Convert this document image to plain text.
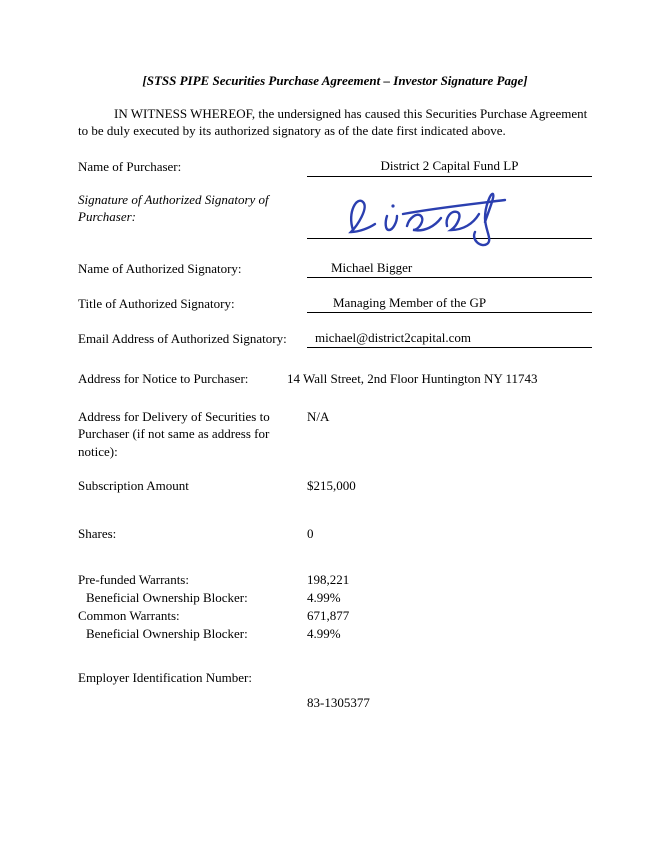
[STSS PIPE Securities Purchase Agreement – Investor Signature Page]

IN WITNESS WHEREOF, the undersigned has caused this Securities Purchase Agreement to be duly executed by its authorized signatory as of the date first indicated above.

Name of Purchaser:	District 2 Capital Fund LP
Signature of Authorized Signatory of Purchaser:
Name of Authorized Signatory:	Michael Bigger
Title of Authorized Signatory:	Managing Member of the GP
Email Address of Authorized Signatory:	michael@district2capital.com
Address for Notice to Purchaser:	14 Wall Street, 2nd Floor Huntington NY 11743
Address for Delivery of Securities to Purchaser (if not same as address for notice):
N/A
Subscription Amount	$215,000
Shares:	0
Pre-funded Warrants:	198,221
Beneficial Ownership Blocker:	4.99%
Common Warrants:	671,877
Beneficial Ownership Blocker:	4.99%
Employer Identification Number:
83-1305377
